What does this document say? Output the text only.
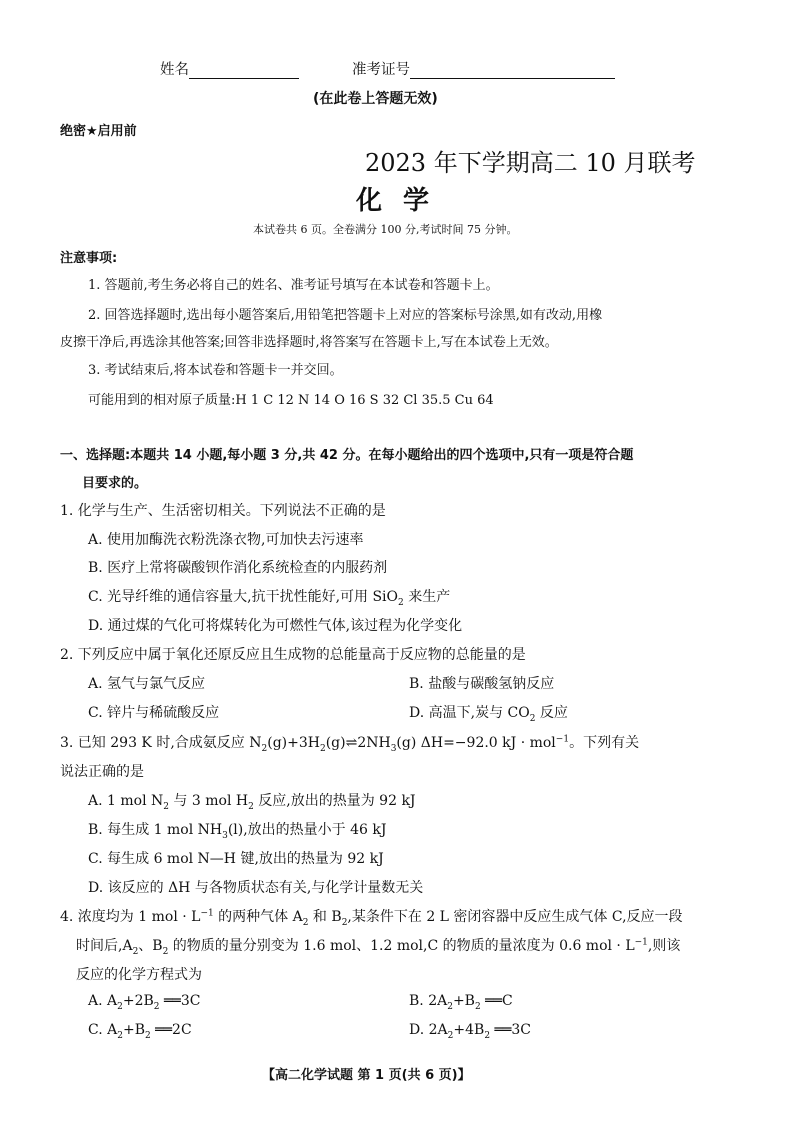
姓名	准考证号
(在此卷上答题无效)
绝密★启用前
2023 年下学期高二 10 月联考
化 学
本试卷共 6 页。全卷满分 100 分,考试时间 75 分钟。
注意事项:
1. 答题前,考生务必将自己的姓名、准考证号填写在本试卷和答题卡上。
2. 回答选择题时,选出每小题答案后,用铅笔把答题卡上对应的答案标号涂黑,如有改动,用橡
皮擦干净后,再选涂其他答案;回答非选择题时,将答案写在答题卡上,写在本试卷上无效。
3. 考试结束后,将本试卷和答题卡一并交回。
可能用到的相对原子质量:H 1 C 12 N 14 O 16 S 32 Cl 35.5 Cu 64
一、选择题:本题共 14 小题,每小题 3 分,共 42 分。在每小题给出的四个选项中,只有一项是符合题
目要求的。
1. 化学与生产、生活密切相关。下列说法不正确的是
A. 使用加酶洗衣粉洗涤衣物,可加快去污速率
B. 医疗上常将碳酸钡作消化系统检查的内服药剂
C. 光导纤维的通信容量大,抗干扰性能好,可用 SiO$_2$ 来生产
D. 通过煤的气化可将煤转化为可燃性气体,该过程为化学变化
2. 下列反应中属于氧化还原反应且生成物的总能量高于反应物的总能量的是
A. 氢气与氯气反应	B. 盐酸与碳酸氢钠反应
C. 锌片与稀硫酸反应	D. 高温下,炭与 $CO_2$ 反应
3. 已知 293 K 时,合成氨反应 $N_2(g)+3H_2(g)\rightleftharpoons 2NH_3(g)$ ΔH=−92.0 kJ · mol$^{-1}$。下列有关
说法正确的是
A. 1 mol $N_2$ 与 3 mol $H_2$ 反应,放出的热量为 92 kJ
B. 每生成 1 mol $NH_3(l)$,放出的热量小于 46 kJ
C. 每生成 6 mol N—H 键,放出的热量为 92 kJ
D. 该反应的 ΔH 与各物质状态有关,与化学计量数无关
4. 浓度均为 1 mol · $L^{-1}$ 的两种气体 $A_2$ 和 $B_2$,某条件下在 2 L 密闭容器中反应生成气体 C,反应一段
时间后$,A_2$、$B_2$ 的物质的量分别变为 1.6 mol、1.2 mol,C 的物质的量浓度为 0.6 mol · $L^{-1}$,则该
反应的化学方程式为
A. $A_2+2B_2$ ══3C	B. $2A_2+B_2$ ══C
C. $A_2+B_2$ ══2C	D. $2A_2+4B_2$ ══3C
【高二化学试题 第 1 页(共 6 页)】
